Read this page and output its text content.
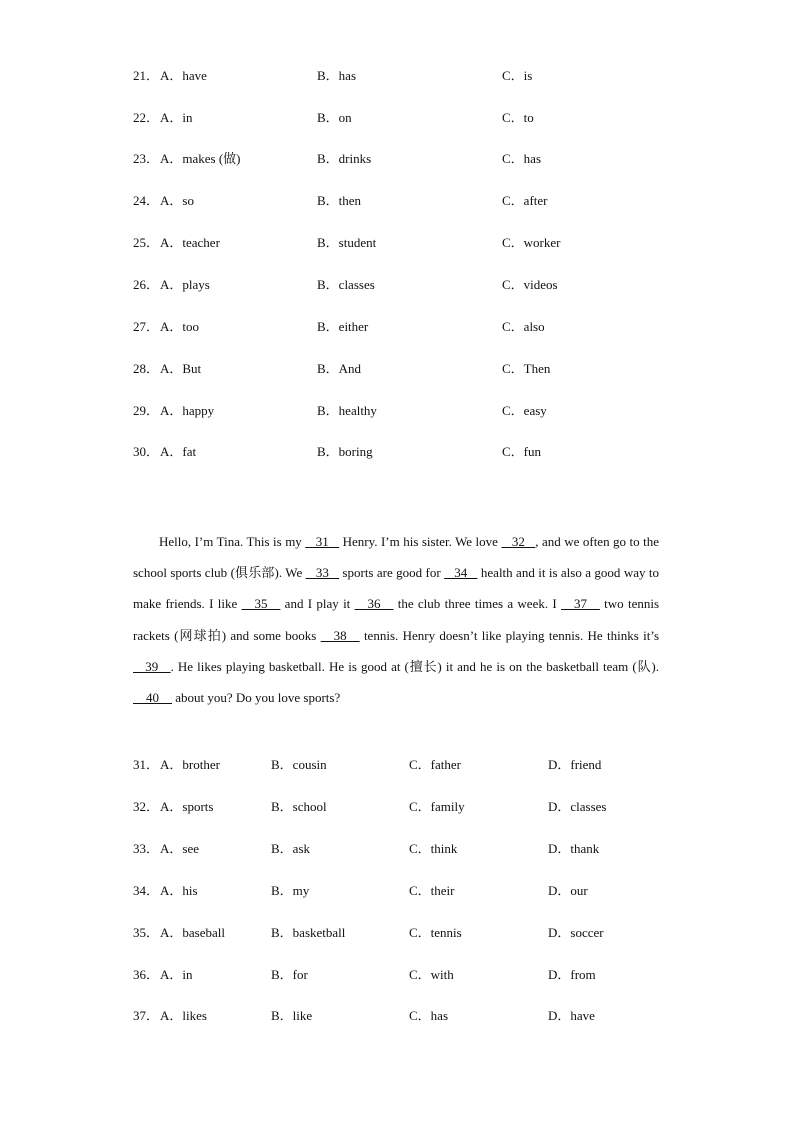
21． A．have	B．has	C．is
22． A．in	B．on	C．to
23． A．makes (做)	B．drinks	C．has
24． A．so	B．then	C．after
25． A．teacher	B．student	C．worker
26． A．plays	B．classes	C．videos
27． A．too	B．either	C．also
28． A．But	B．And	C．Then
29． A．happy	B．healthy	C．easy
30． A．fat	B．boring	C．fun
Hello, I’m Tina. This is my    31    Henry. I’m his sister. We love    32   , and we often go to the school sports club (俱乐部). We    33    sports are good for    34    health and it is also a good way to make friends. I like    35    and I play it    36    the club three times a week. I    37    two tennis rackets (网球拍) and some books    38    tennis. Henry doesn’t like playing tennis. He thinks it’s    39   . He likes playing basketball. He is good at (擅长) it and he is on the basketball team (队).     40     about you? Do you love sports?
31． A．brother	B．cousin	C．father	D．friend
32． A．sports	B．school	C．family	D．classes
33． A．see	B．ask	C．think	D．thank
34． A．his	B．my	C．their	D．our
35． A．baseball	B．basketball	C．tennis	D．soccer
36． A．in	B．for	C．with	D．from
37． A．likes	B．like	C．has	D．have
